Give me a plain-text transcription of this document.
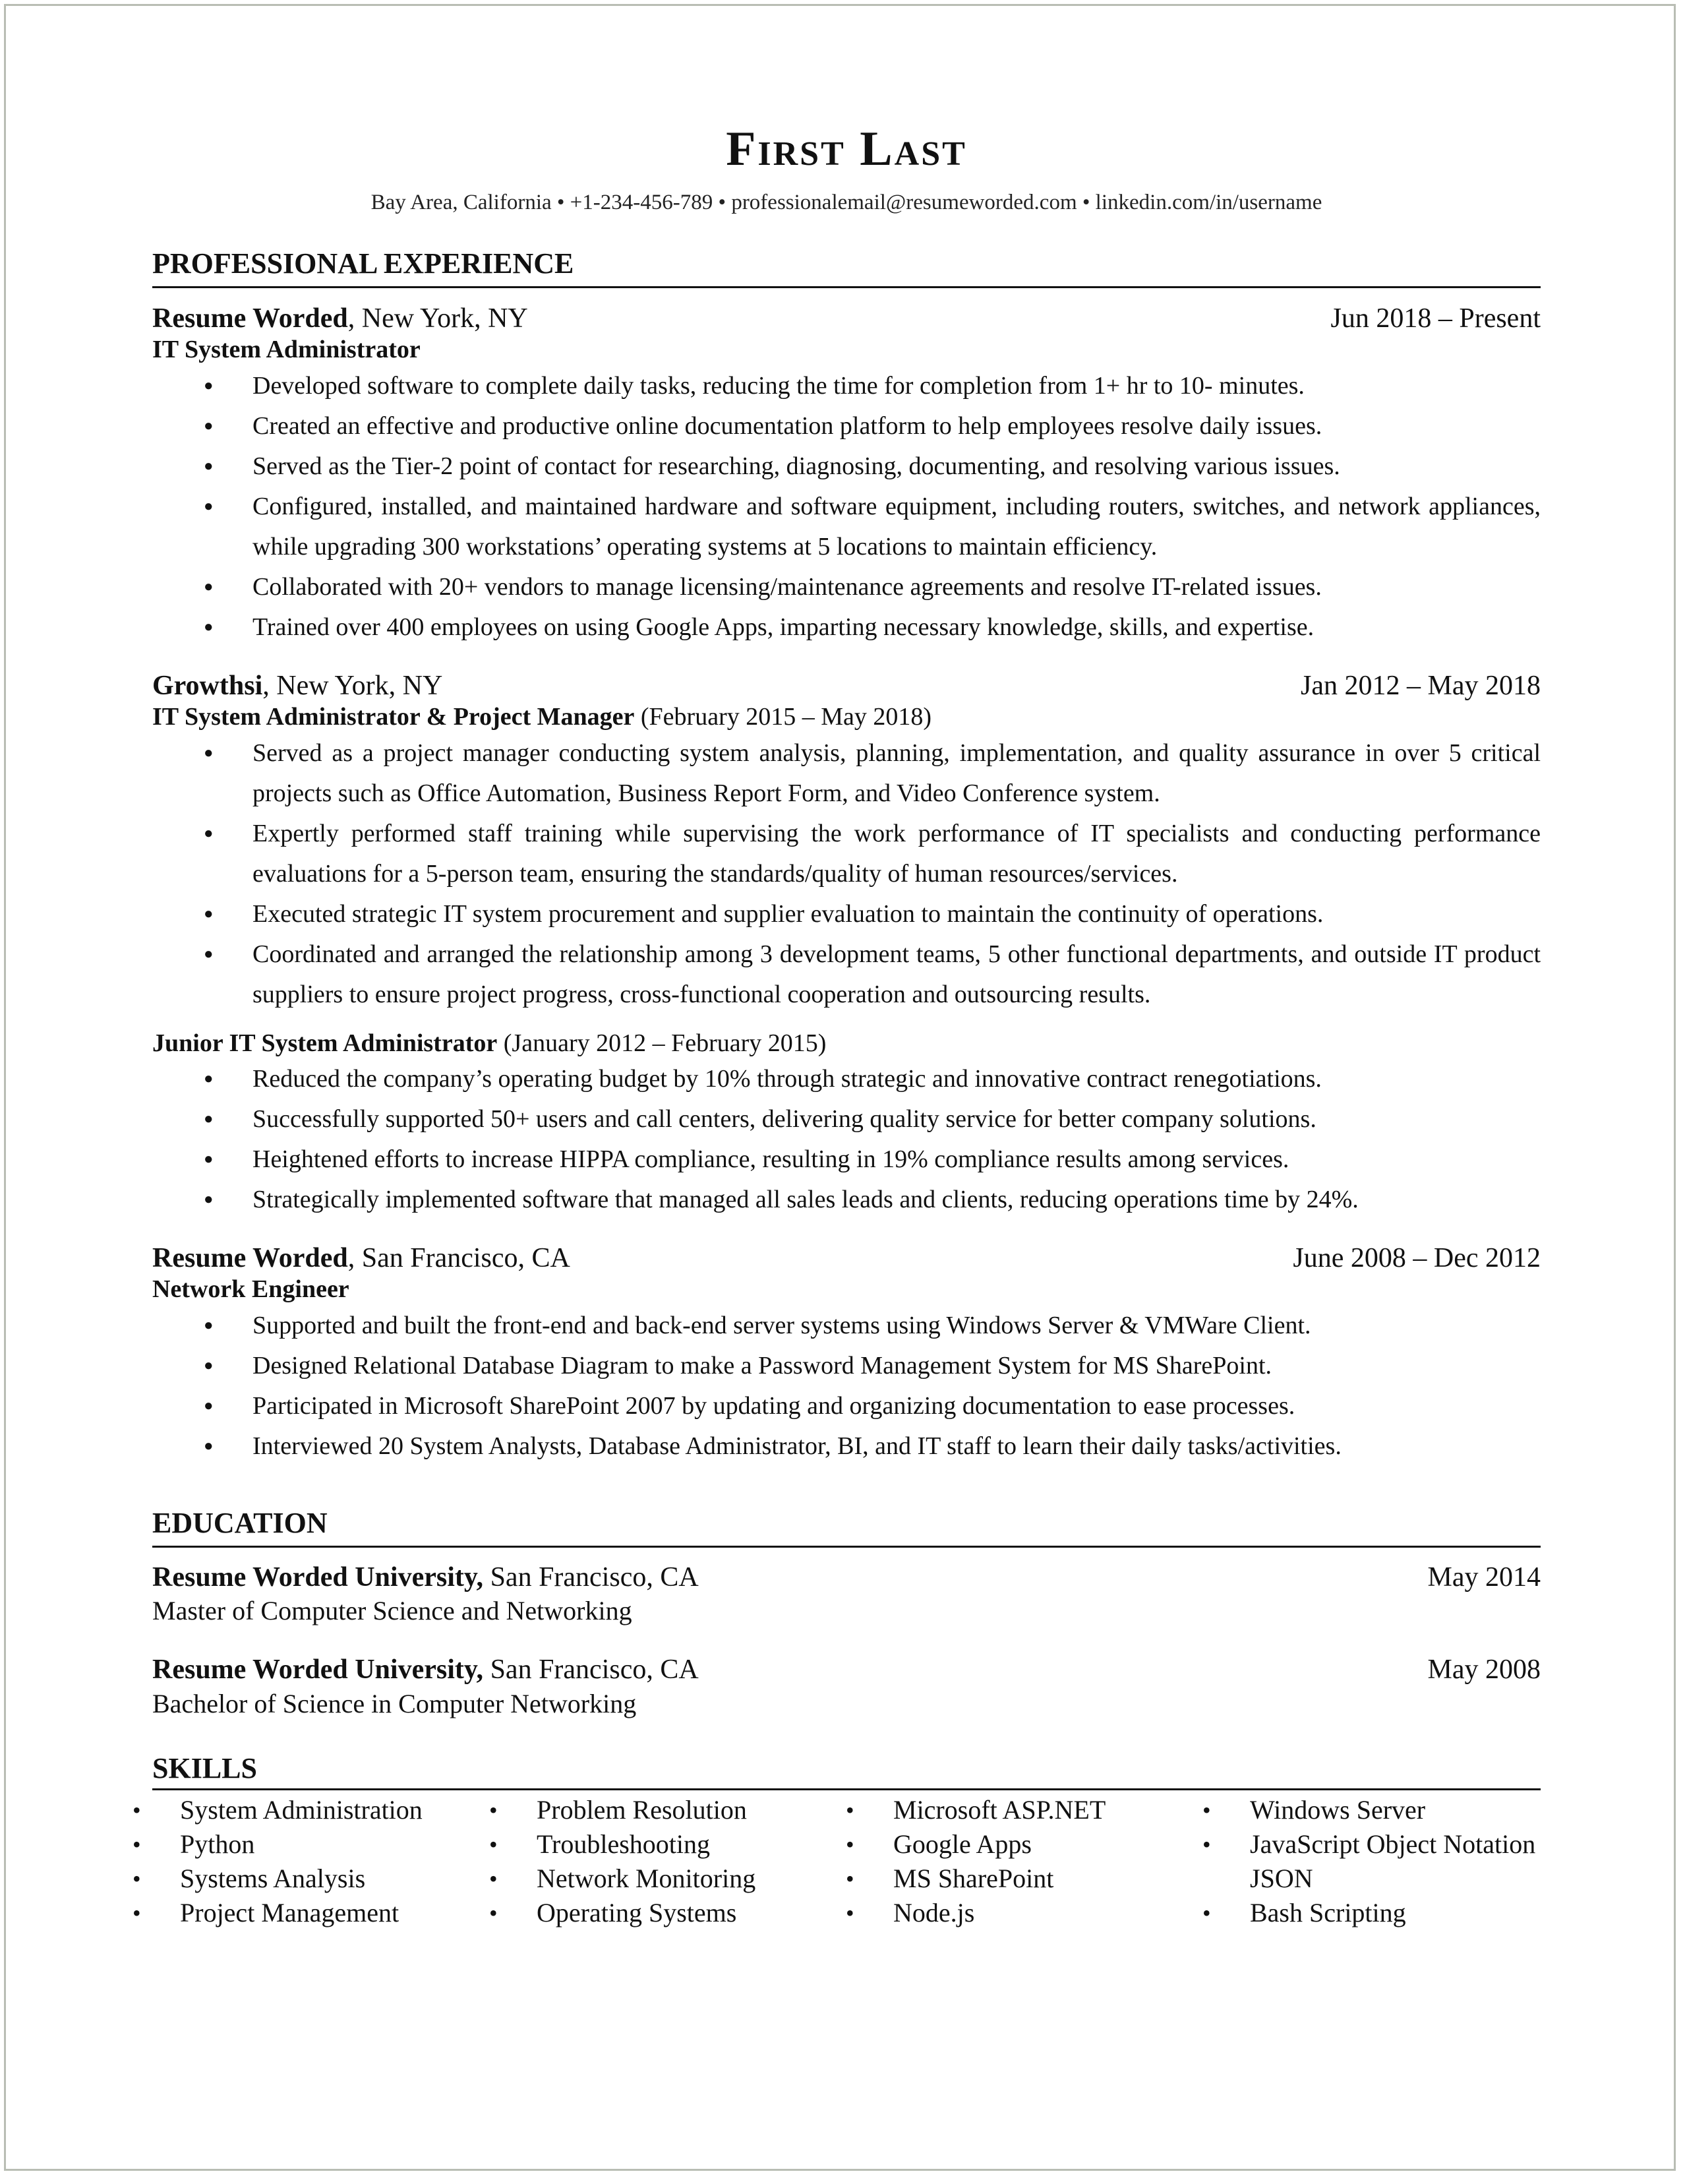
First Last
Bay Area, California • +1-234-456-789 • professionalemail@resumeworded.com • linkedin.com/in/username
PROFESSIONAL EXPERIENCE
Resume Worded, New York, NY	Jun 2018 – Present
IT System Administrator
● Developed software to complete daily tasks, reducing the time for completion from 1+ hr to 10- minutes.
● Created an effective and productive online documentation platform to help employees resolve daily issues.
● Served as the Tier-2 point of contact for researching, diagnosing, documenting, and resolving various issues.
● Configured, installed, and maintained hardware and software equipment, including routers, switches, and network appliances, while upgrading 300 workstations’ operating systems at 5 locations to maintain efficiency.
● Collaborated with 20+ vendors to manage licensing/maintenance agreements and resolve IT-related issues.
● Trained over 400 employees on using Google Apps, imparting necessary knowledge, skills, and expertise.
Growthsi, New York, NY	Jan 2012 – May 2018
IT System Administrator & Project Manager (February 2015 – May 2018)
● Served as a project manager conducting system analysis, planning, implementation, and quality assurance in over 5 critical projects such as Office Automation, Business Report Form, and Video Conference system.
● Expertly performed staff training while supervising the work performance of IT specialists and conducting performance evaluations for a 5-person team, ensuring the standards/quality of human resources/services.
● Executed strategic IT system procurement and supplier evaluation to maintain the continuity of operations.
● Coordinated and arranged the relationship among 3 development teams, 5 other functional departments, and outside IT product suppliers to ensure project progress, cross-functional cooperation and outsourcing results.
Junior IT System Administrator (January 2012 – February 2015)
● Reduced the company’s operating budget by 10% through strategic and innovative contract renegotiations.
● Successfully supported 50+ users and call centers, delivering quality service for better company solutions.
● Heightened efforts to increase HIPPA compliance, resulting in 19% compliance results among services.
● Strategically implemented software that managed all sales leads and clients, reducing operations time by 24%.
Resume Worded, San Francisco, CA	June 2008 – Dec 2012
Network Engineer
● Supported and built the front-end and back-end server systems using Windows Server & VMWare Client.
● Designed Relational Database Diagram to make a Password Management System for MS SharePoint.
● Participated in Microsoft SharePoint 2007 by updating and organizing documentation to ease processes.
● Interviewed 20 System Analysts, Database Administrator, BI, and IT staff to learn their daily tasks/activities.
EDUCATION
Resume Worded University, San Francisco, CA	May 2014
Master of Computer Science and Networking
Resume Worded University, San Francisco, CA	May 2008
Bachelor of Science in Computer Networking
SKILLS
• System Administration
• Python
• Systems Analysis
• Project Management
• Problem Resolution
• Troubleshooting
• Network Monitoring
• Operating Systems
• Microsoft ASP.NET
• Google Apps
• MS SharePoint
• Node.js
• Windows Server
• JavaScript Object Notation JSON
• Bash Scripting
